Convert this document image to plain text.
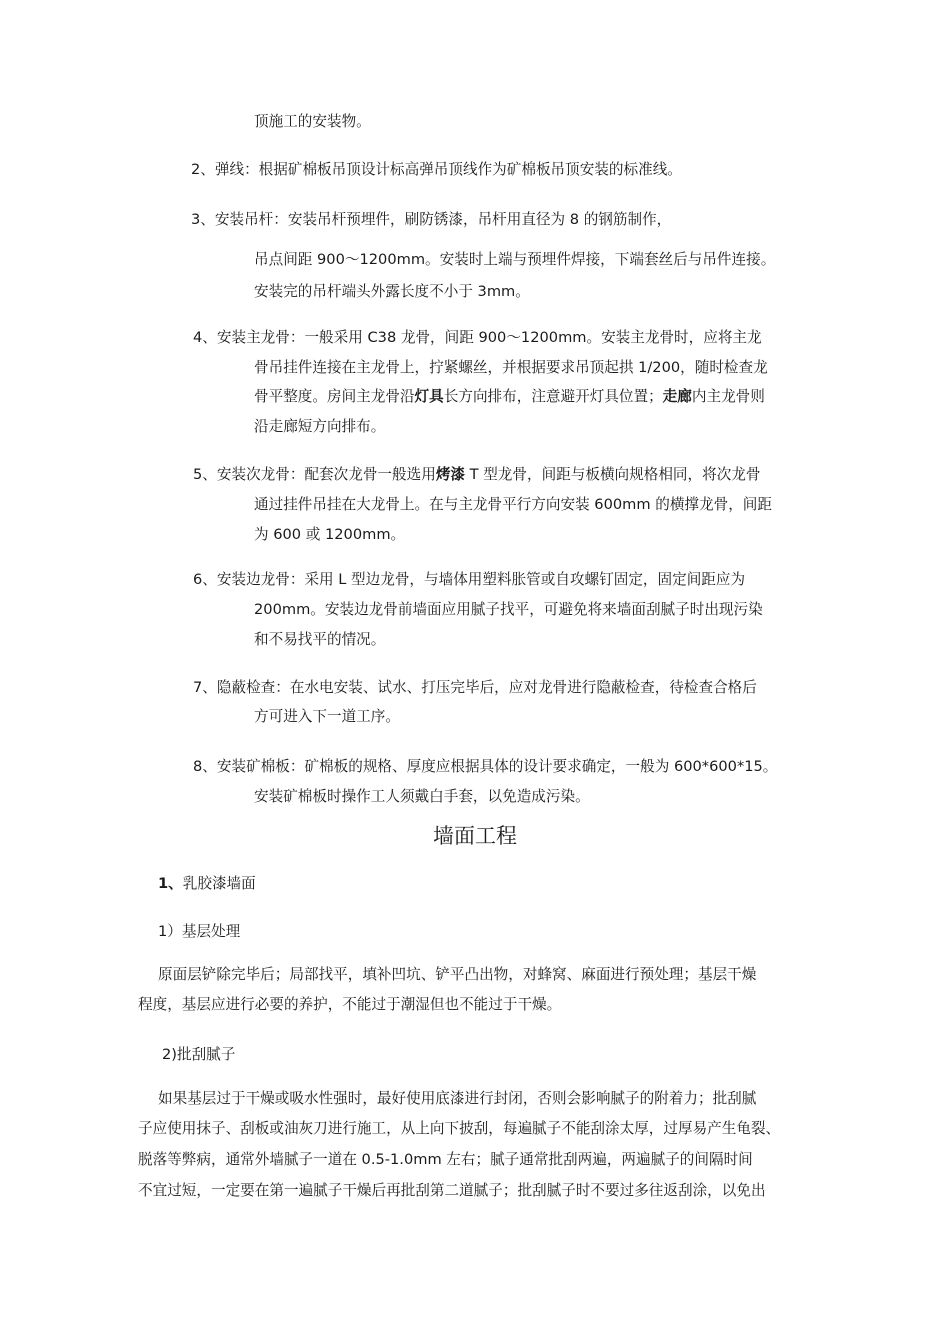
顶施工的安装物。
2、弹线：根据矿棉板吊顶设计标高弹吊顶线作为矿棉板吊顶安装的标准线。
3、安装吊杆：安装吊杆预埋件，刷防锈漆，吊杆用直径为 8 的钢筋制作，
吊点间距 900～1200mm。安装时上端与预埋件焊接，下端套丝后与吊件连接。
安装完的吊杆端头外露长度不小于 3mm。
4、安装主龙骨：一般采用 C38 龙骨，间距 900～1200mm。安装主龙骨时，应将主龙
骨吊挂件连接在主龙骨上，拧紧螺丝，并根据要求吊顶起拱 1/200，随时检查龙
骨平整度。房间主龙骨沿灯具长方向排布，注意避开灯具位置；走廊内主龙骨则
沿走廊短方向排布。
5、安装次龙骨：配套次龙骨一般选用烤漆 T 型龙骨，间距与板横向规格相同，将次龙骨
通过挂件吊挂在大龙骨上。在与主龙骨平行方向安装 600mm 的横撑龙骨，间距
为 600 或 1200mm。
6、安装边龙骨：采用 L 型边龙骨，与墙体用塑料胀管或自攻螺钉固定，固定间距应为
200mm。安装边龙骨前墙面应用腻子找平，可避免将来墙面刮腻子时出现污染
和不易找平的情况。
7、隐蔽检查：在水电安装、试水、打压完毕后，应对龙骨进行隐蔽检查，待检查合格后
方可进入下一道工序。
8、安装矿棉板：矿棉板的规格、厚度应根据具体的设计要求确定，一般为 600*600*15。
安装矿棉板时操作工人须戴白手套，以免造成污染。
墙面工程
1、乳胶漆墙面
1）基层处理
原面层铲除完毕后；局部找平，填补凹坑、铲平凸出物，对蜂窝、麻面进行预处理；基层干燥
程度，基层应进行必要的养护，不能过于潮湿但也不能过于干燥。
2)批刮腻子
如果基层过于干燥或吸水性强时，最好使用底漆进行封闭，否则会影响腻子的附着力；批刮腻
子应使用抹子、刮板或油灰刀进行施工，从上向下披刮，每遍腻子不能刮涂太厚，过厚易产生龟裂、
脱落等弊病，通常外墙腻子一道在 0.5-1.0mm 左右；腻子通常批刮两遍，两遍腻子的间隔时间
不宜过短，一定要在第一遍腻子干燥后再批刮第二道腻子；批刮腻子时不要过多往返刮涂，以免出
